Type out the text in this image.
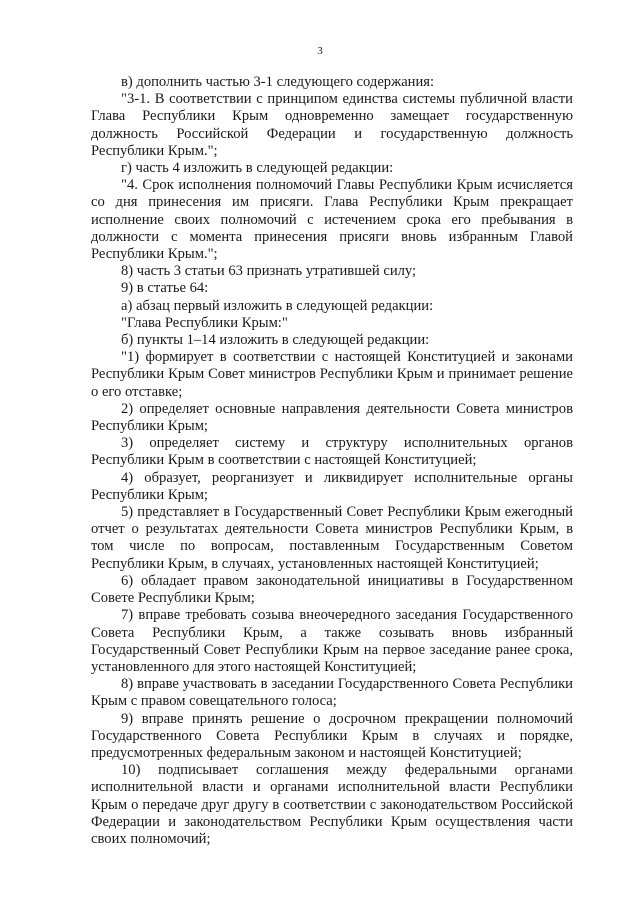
3

в) дополнить частью 3-1 следующего содержания:

"3-1. В соответствии с принципом единства системы публичной власти Глава Республики Крым одновременно замещает государственную должность Российской Федерации и государственную должность Республики Крым.";

г) часть 4 изложить в следующей редакции:

"4. Срок исполнения полномочий Главы Республики Крым исчисляется со дня принесения им присяги. Глава Республики Крым прекращает исполнение своих полномочий с истечением срока его пребывания в должности с момента принесения присяги вновь избранным Главой Республики Крым.";

8) часть 3 статьи 63 признать утратившей силу;

9) в статье 64:

а) абзац первый изложить в следующей редакции:

"Глава Республики Крым:"

б) пункты 1–14 изложить в следующей редакции:

"1) формирует в соответствии с настоящей Конституцией и законами Республики Крым Совет министров Республики Крым и принимает решение о его отставке;

2) определяет основные направления деятельности Совета министров Республики Крым;

3) определяет систему и структуру исполнительных органов Республики Крым в соответствии с настоящей Конституцией;

4) образует, реорганизует и ликвидирует исполнительные органы Республики Крым;

5) представляет в Государственный Совет Республики Крым ежегодный отчет о результатах деятельности Совета министров Республики Крым, в том числе по вопросам, поставленным Государственным Советом Республики Крым, в случаях, установленных настоящей Конституцией;

6) обладает правом законодательной инициативы в Государственном Совете Республики Крым;

7) вправе требовать созыва внеочередного заседания Государственного Совета Республики Крым, а также созывать вновь избранный Государственный Совет Республики Крым на первое заседание ранее срока, установленного для этого настоящей Конституцией;

8) вправе участвовать в заседании Государственного Совета Республики Крым с правом совещательного голоса;

9) вправе принять решение о досрочном прекращении полномочий Государственного Совета Республики Крым в случаях и порядке, предусмотренных федеральным законом и настоящей Конституцией;

10) подписывает соглашения между федеральными органами исполнительной власти и органами исполнительной власти Республики Крым о передаче друг другу в соответствии с законодательством Российской Федерации и законодательством Республики Крым осуществления части своих полномочий;
